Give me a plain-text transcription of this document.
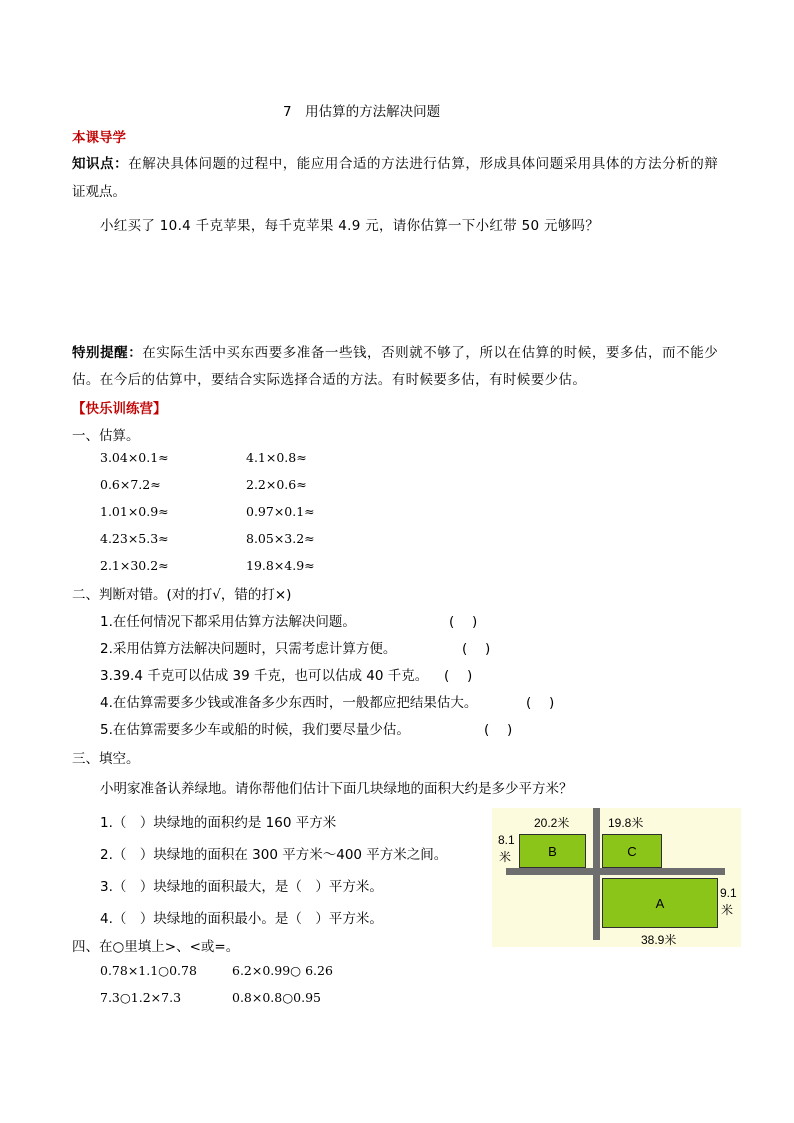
7　用估算的方法解决问题
本课导学
知识点：在解决具体问题的过程中，能应用合适的方法进行估算，形成具体问题采用具体的方法分析的辩
证观点。
小红买了 10.4 千克苹果，每千克苹果 4.9 元，请你估算一下小红带 50 元够吗？
特别提醒：在实际生活中买东西要多准备一些钱，否则就不够了，所以在估算的时候，要多估，而不能少
估。在今后的估算中，要结合实际选择合适的方法。有时候要多估，有时候要少估。
【快乐训练营】
一、估算。
3.04×0.1≈	4.1×0.8≈
0.6×7.2≈	2.2×0.6≈
1.01×0.9≈	0.97×0.1≈
4.23×5.3≈	8.05×3.2≈
2.1×30.2≈	19.8×4.9≈
二、判断对错。(对的打√，错的打×)
1.在任何情况下都采用估算方法解决问题。	(　 )
2.采用估算方法解决问题时，只需考虑计算方便。	(　 )
3.39.4 千克可以估成 39 千克，也可以估成 40 千克。 (　 )
4.在估算需要多少钱或准备多少东西时，一般都应把结果估大。	(　 )
5.在估算需要多少车或船的时候，我们要尽量少估。	(　 )
三、填空。
小明家准备认养绿地。请你帮他们估计下面几块绿地的面积大约是多少平方米？
1.（　）块绿地的面积约是 160 平方米
2.（　）块绿地的面积在 300 平方米～400 平方米之间。
3.（　）块绿地的面积最大，是（　）平方米。
4.（　）块绿地的面积最小。是（　）平方米。
B	C
A
20.2米
8.1
米
19.8米
9.1
米
38.9米
四、在○里填上>、<或=。
0.78×1.1○0.78	6.2×0.99○ 6.26
7.3○1.2×7.3	0.8×0.8○0.95
